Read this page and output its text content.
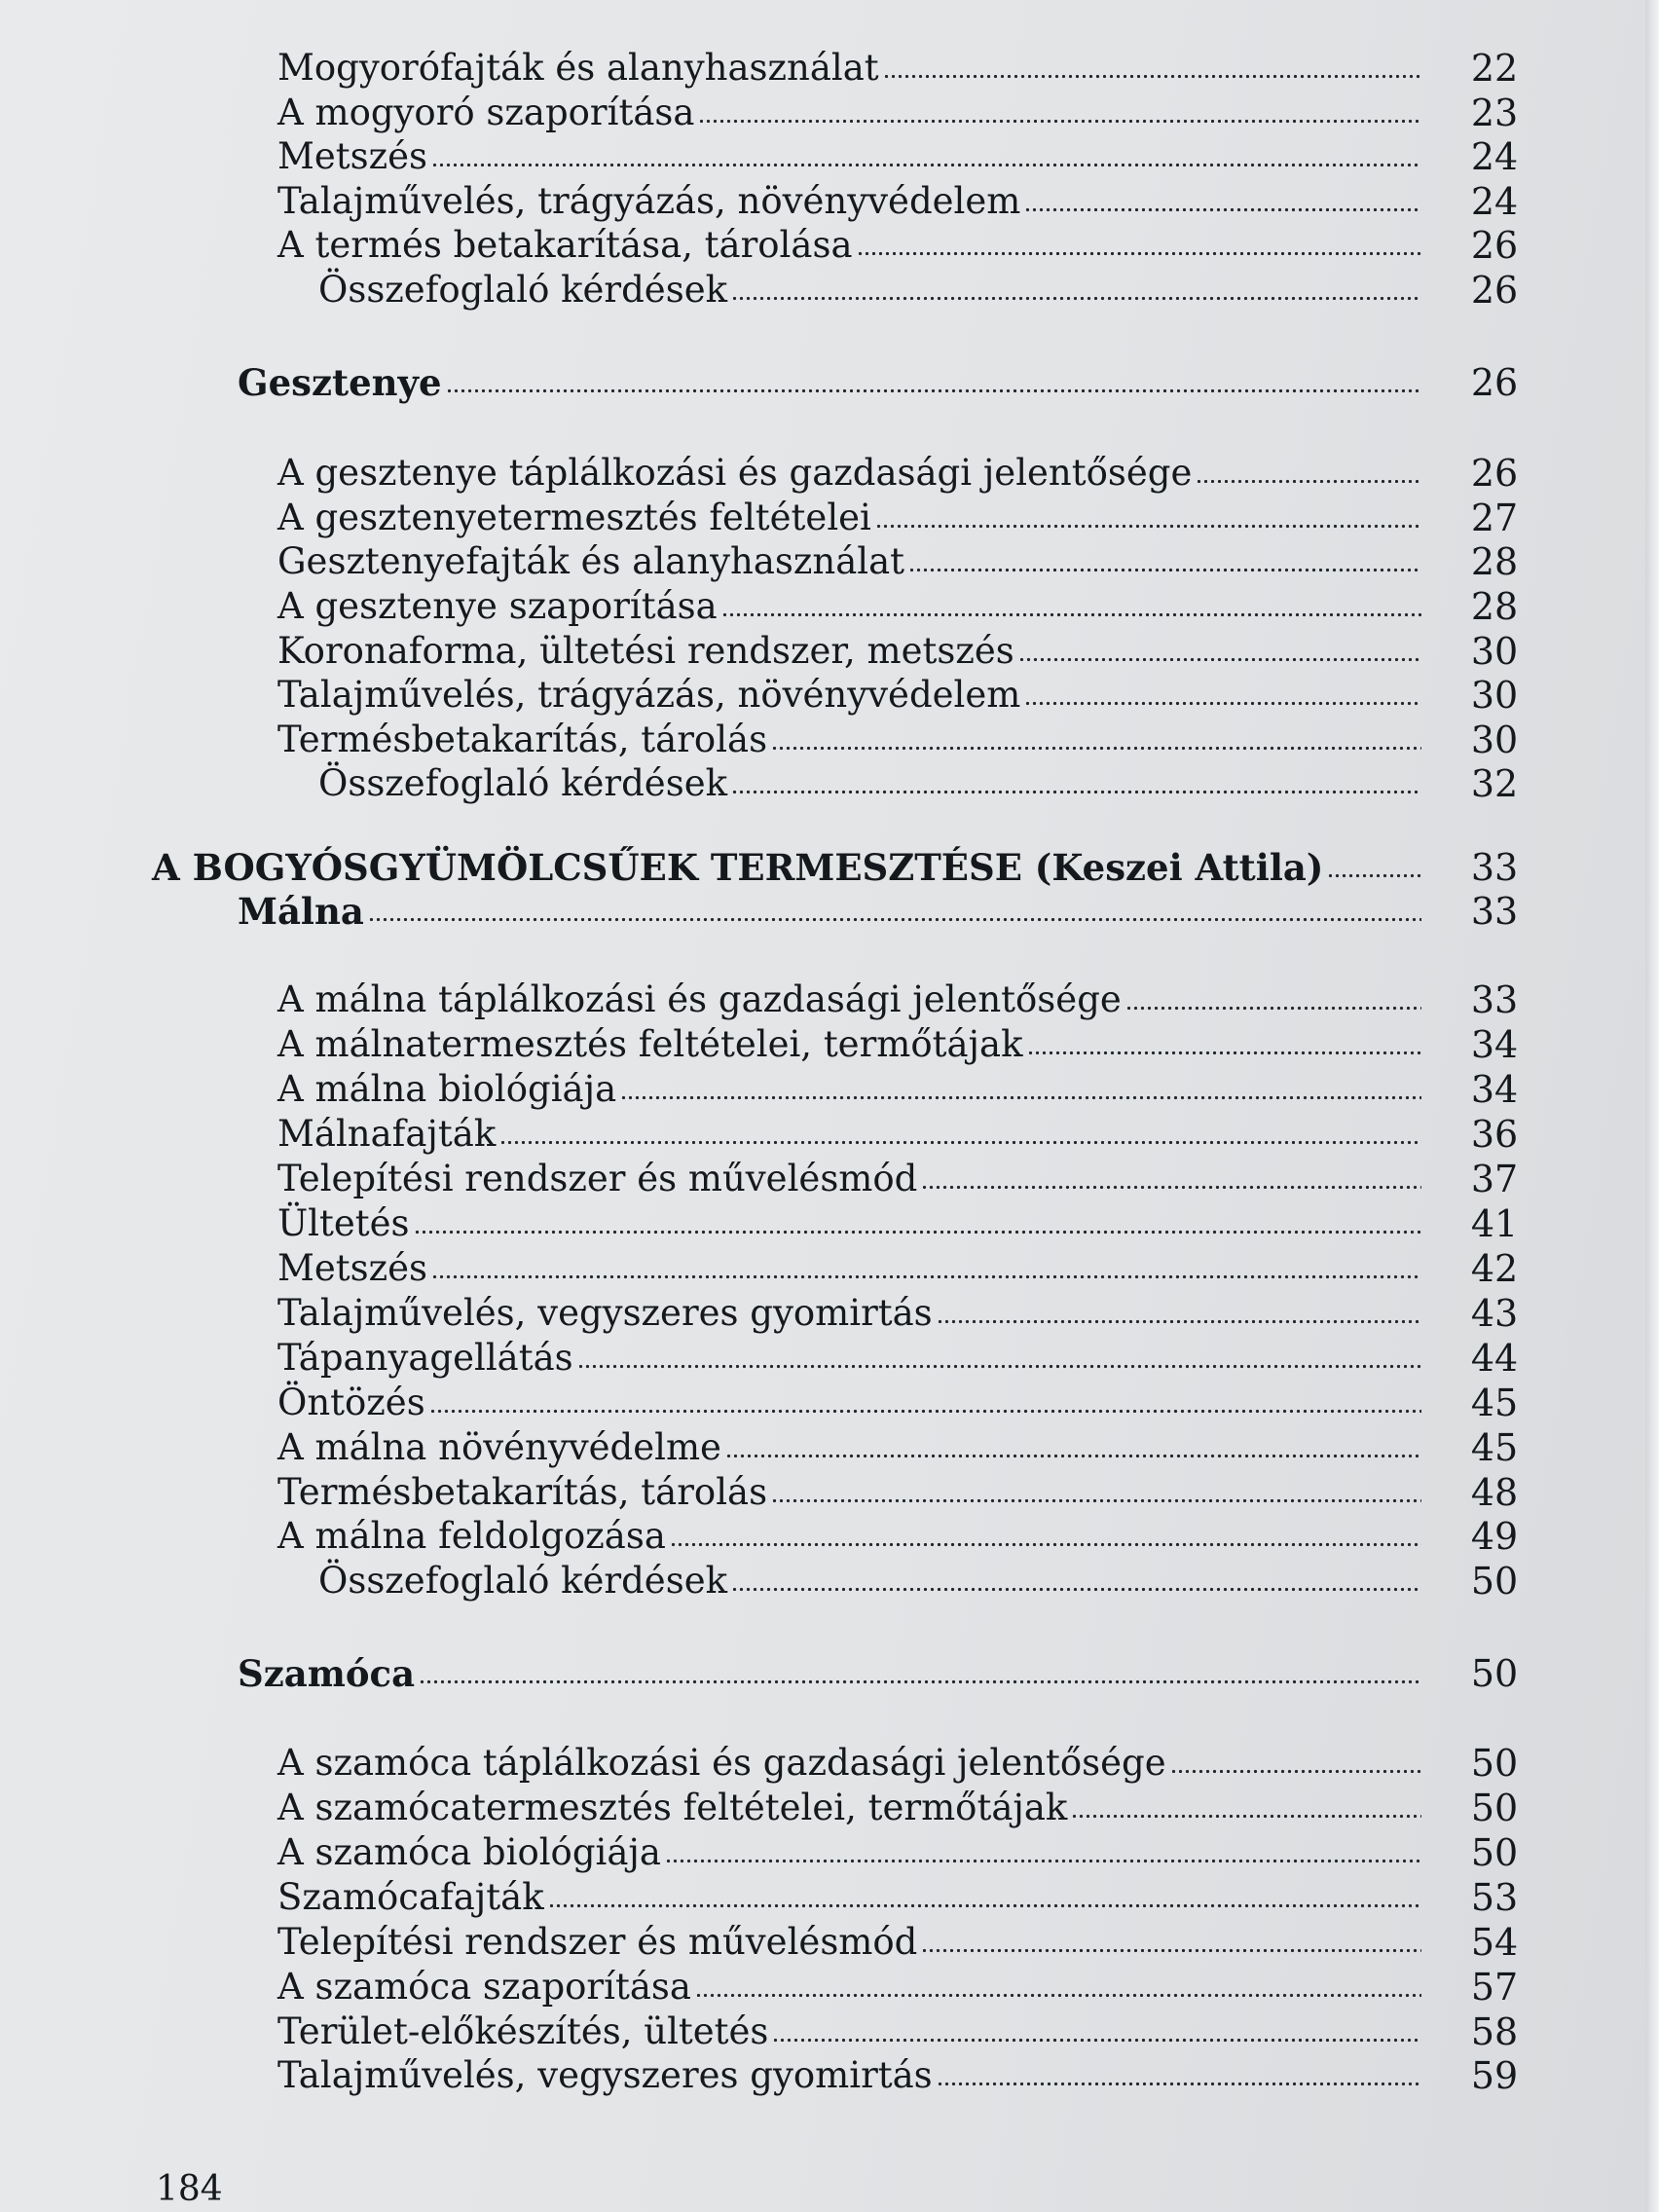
Mogyorófajták és alanyhasználat	22
A mogyoró szaporítása	23
Metszés	24
Talajművelés, trágyázás, növényvédelem	24
A termés betakarítása, tárolása	26
Összefoglaló kérdések	26
Gesztenye	26
A gesztenye táplálkozási és gazdasági jelentősége	26
A gesztenyetermesztés feltételei	27
Gesztenyefajták és alanyhasználat	28
A gesztenye szaporítása	28
Koronaforma, ültetési rendszer, metszés	30
Talajművelés, trágyázás, növényvédelem	30
Termésbetakarítás, tárolás	30
Összefoglaló kérdések	32
A BOGYÓSGYÜMÖLCSŰEK TERMESZTÉSE (Keszei Attila)	33
Málna	33
A málna táplálkozási és gazdasági jelentősége	33
A málnatermesztés feltételei, termőtájak	34
A málna biológiája	34
Málnafajták	36
Telepítési rendszer és művelésmód	37
Ültetés	41
Metszés	42
Talajművelés, vegyszeres gyomirtás	43
Tápanyagellátás	44
Öntözés	45
A málna növényvédelme	45
Termésbetakarítás, tárolás	48
A málna feldolgozása	49
Összefoglaló kérdések	50
Szamóca	50
A szamóca táplálkozási és gazdasági jelentősége	50
A szamócatermesztés feltételei, termőtájak	50
A szamóca biológiája	50
Szamócafajták	53
Telepítési rendszer és művelésmód	54
A szamóca szaporítása	57
Terület-előkészítés, ültetés	58
Talajművelés, vegyszeres gyomirtás	59
184
